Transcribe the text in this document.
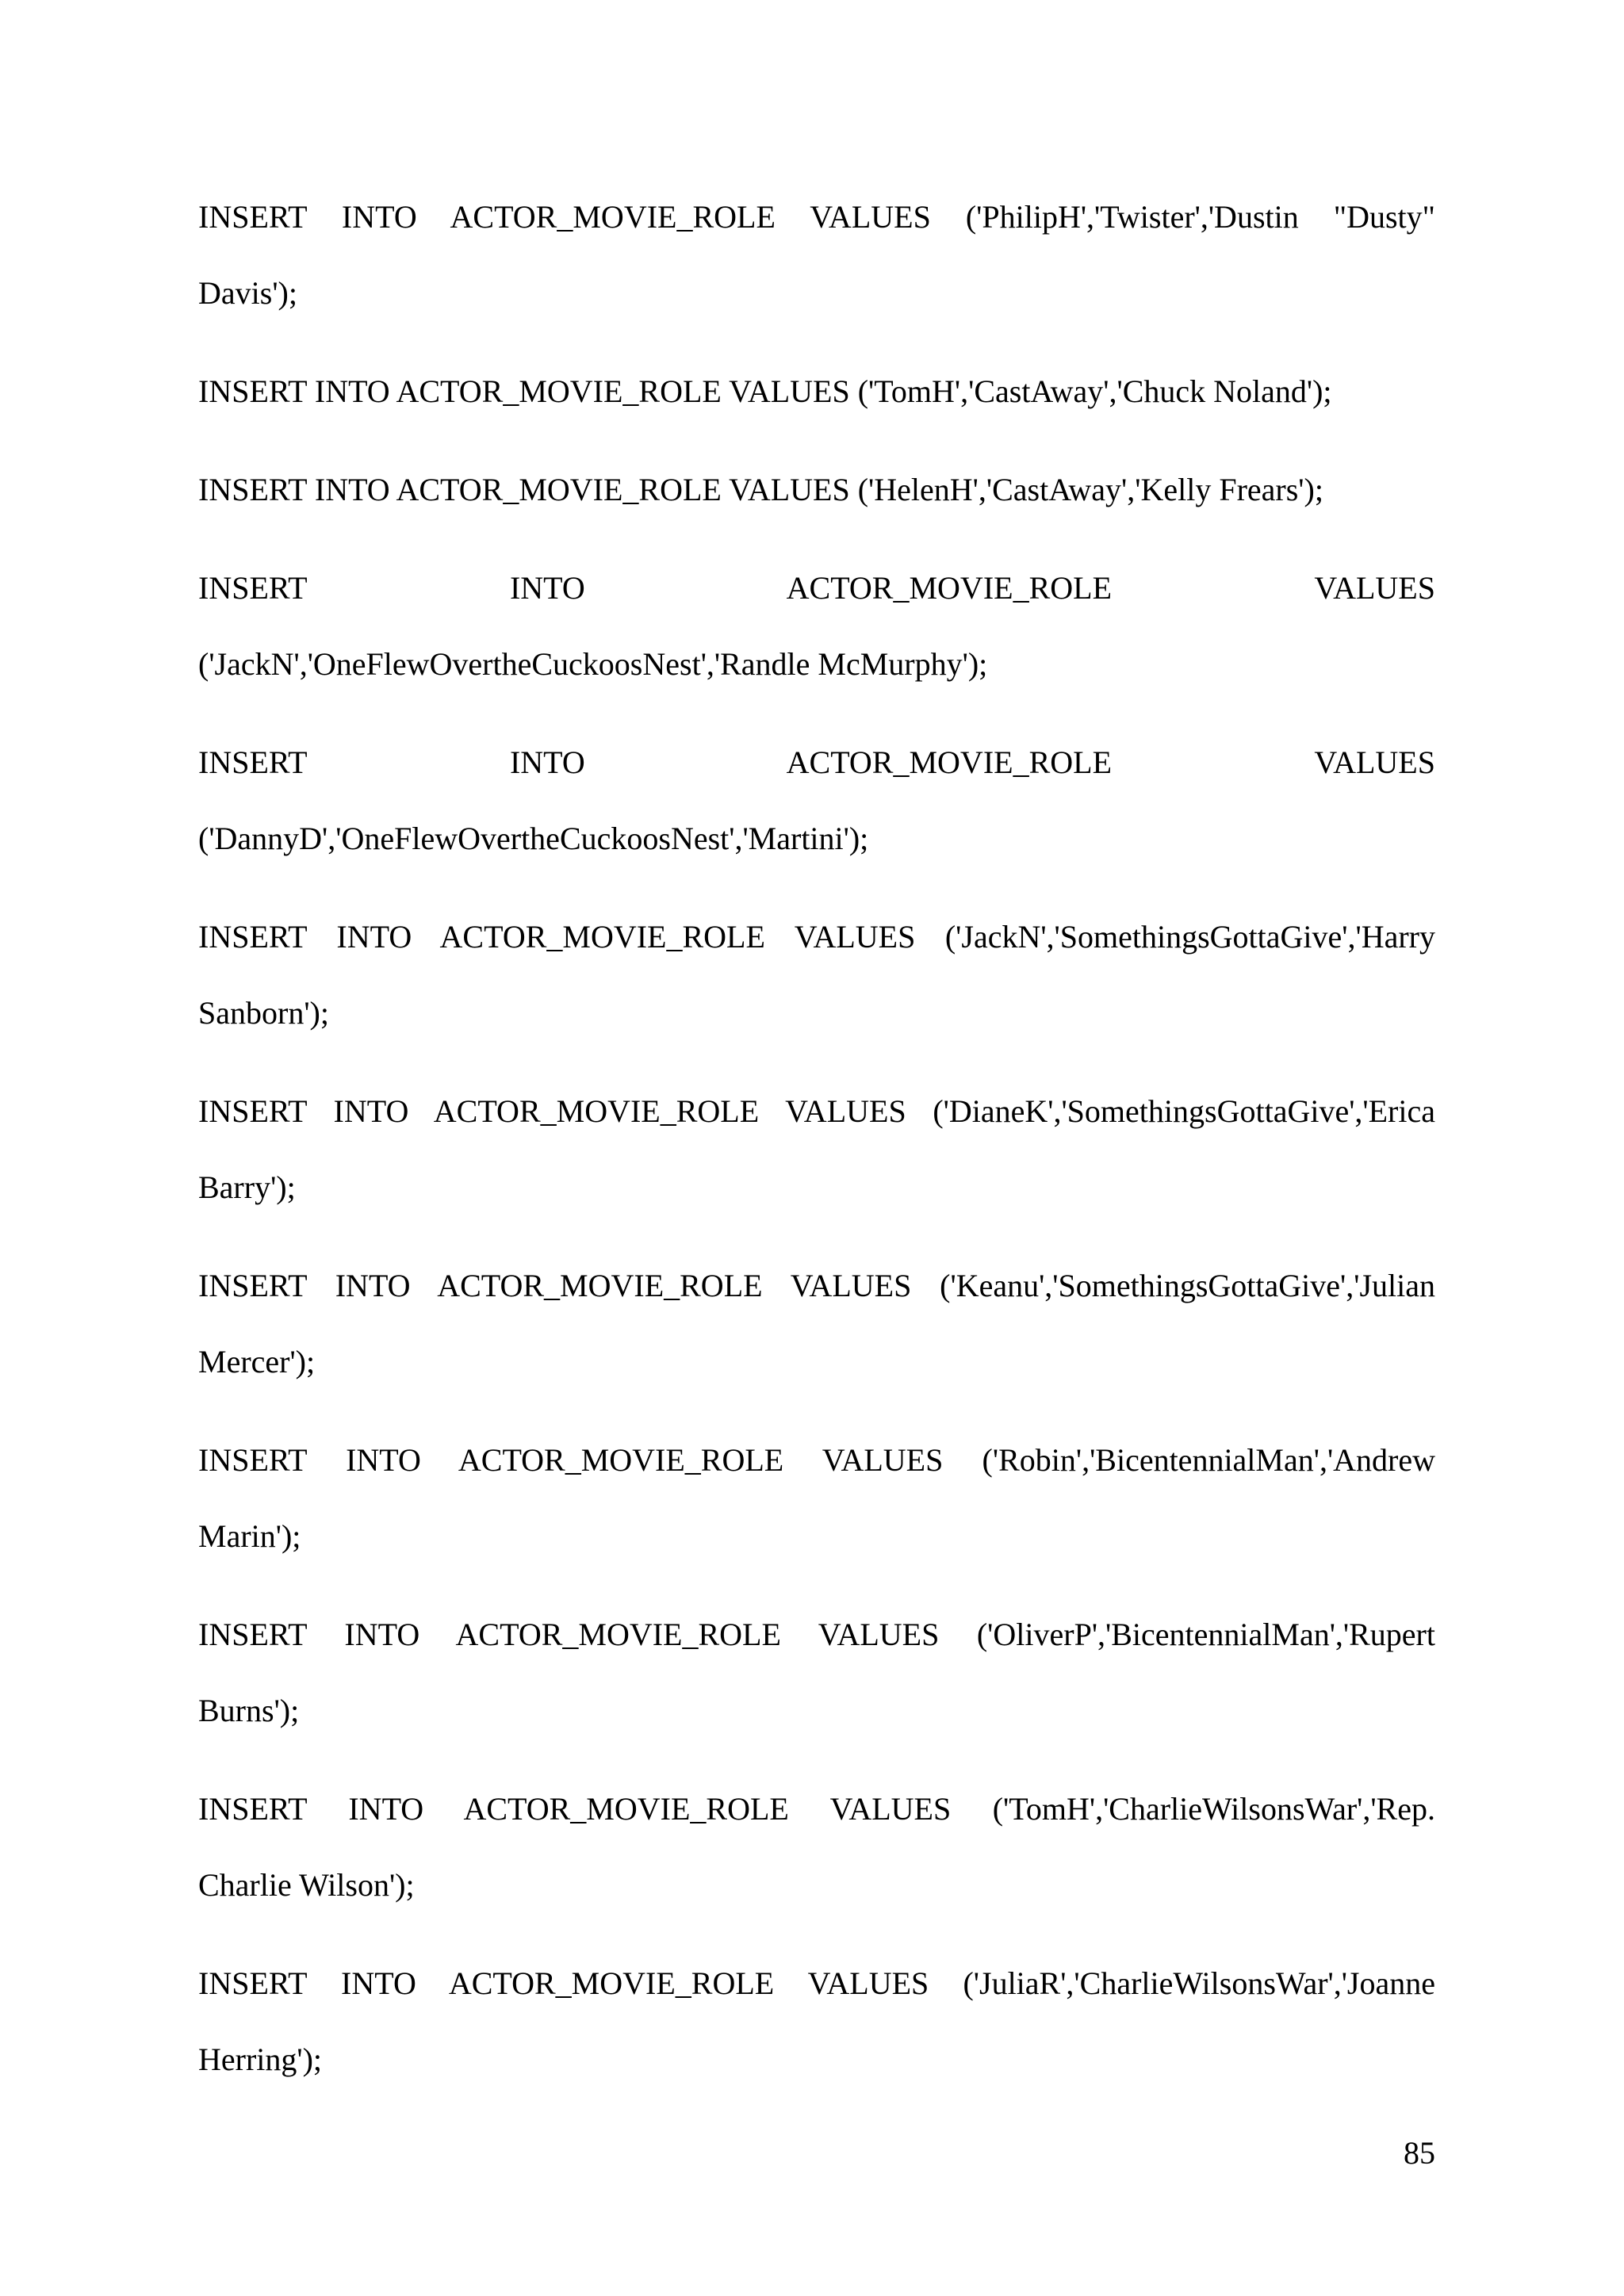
INSERT INTO ACTOR_MOVIE_ROLE VALUES ('PhilipH','Twister','Dustin "Dusty"
Davis');
INSERT INTO ACTOR_MOVIE_ROLE VALUES ('TomH','CastAway','Chuck Noland');
INSERT INTO ACTOR_MOVIE_ROLE VALUES ('HelenH','CastAway','Kelly Frears');
INSERT INTO ACTOR_MOVIE_ROLE VALUES
('JackN','OneFlewOvertheCuckoosNest','Randle McMurphy');
INSERT INTO ACTOR_MOVIE_ROLE VALUES
('DannyD','OneFlewOvertheCuckoosNest','Martini');
INSERT INTO ACTOR_MOVIE_ROLE VALUES ('JackN','SomethingsGottaGive','Harry
Sanborn');
INSERT INTO ACTOR_MOVIE_ROLE VALUES ('DianeK','SomethingsGottaGive','Erica
Barry');
INSERT INTO ACTOR_MOVIE_ROLE VALUES ('Keanu','SomethingsGottaGive','Julian
Mercer');
INSERT INTO ACTOR_MOVIE_ROLE VALUES ('Robin','BicentennialMan','Andrew
Marin');
INSERT INTO ACTOR_MOVIE_ROLE VALUES ('OliverP','BicentennialMan','Rupert
Burns');
INSERT INTO ACTOR_MOVIE_ROLE VALUES ('TomH','CharlieWilsonsWar','Rep.
Charlie Wilson');
INSERT INTO ACTOR_MOVIE_ROLE VALUES ('JuliaR','CharlieWilsonsWar','Joanne
Herring');
85
